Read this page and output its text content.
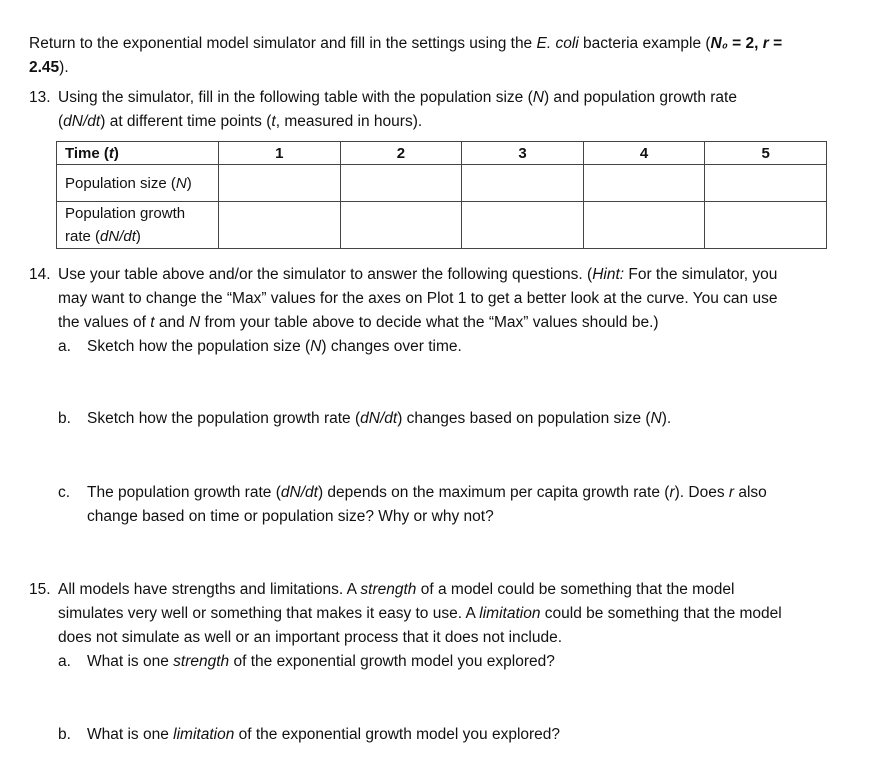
Return to the exponential model simulator and fill in the settings using the E. coli bacteria example (N₀ = 2, r =
2.45).
13. Using the simulator, fill in the following table with the population size (N) and population growth rate
(dN/dt) at different time points (t, measured in hours).
Time (t)	1	2	3	4	5
Population size (N)					
Population growth
rate (dN/dt)					
14. Use your table above and/or the simulator to answer the following questions. (Hint: For the simulator, you
may want to change the “Max” values for the axes on Plot 1 to get a better look at the curve. You can use
the values of t and N from your table above to decide what the “Max” values should be.)
a. Sketch how the population size (N) changes over time.
b. Sketch how the population growth rate (dN/dt) changes based on population size (N).
c. The population growth rate (dN/dt) depends on the maximum per capita growth rate (r). Does r also
change based on time or population size? Why or why not?
15. All models have strengths and limitations. A strength of a model could be something that the model
simulates very well or something that makes it easy to use. A limitation could be something that the model
does not simulate as well or an important process that it does not include.
a. What is one strength of the exponential growth model you explored?
b. What is one limitation of the exponential growth model you explored?
